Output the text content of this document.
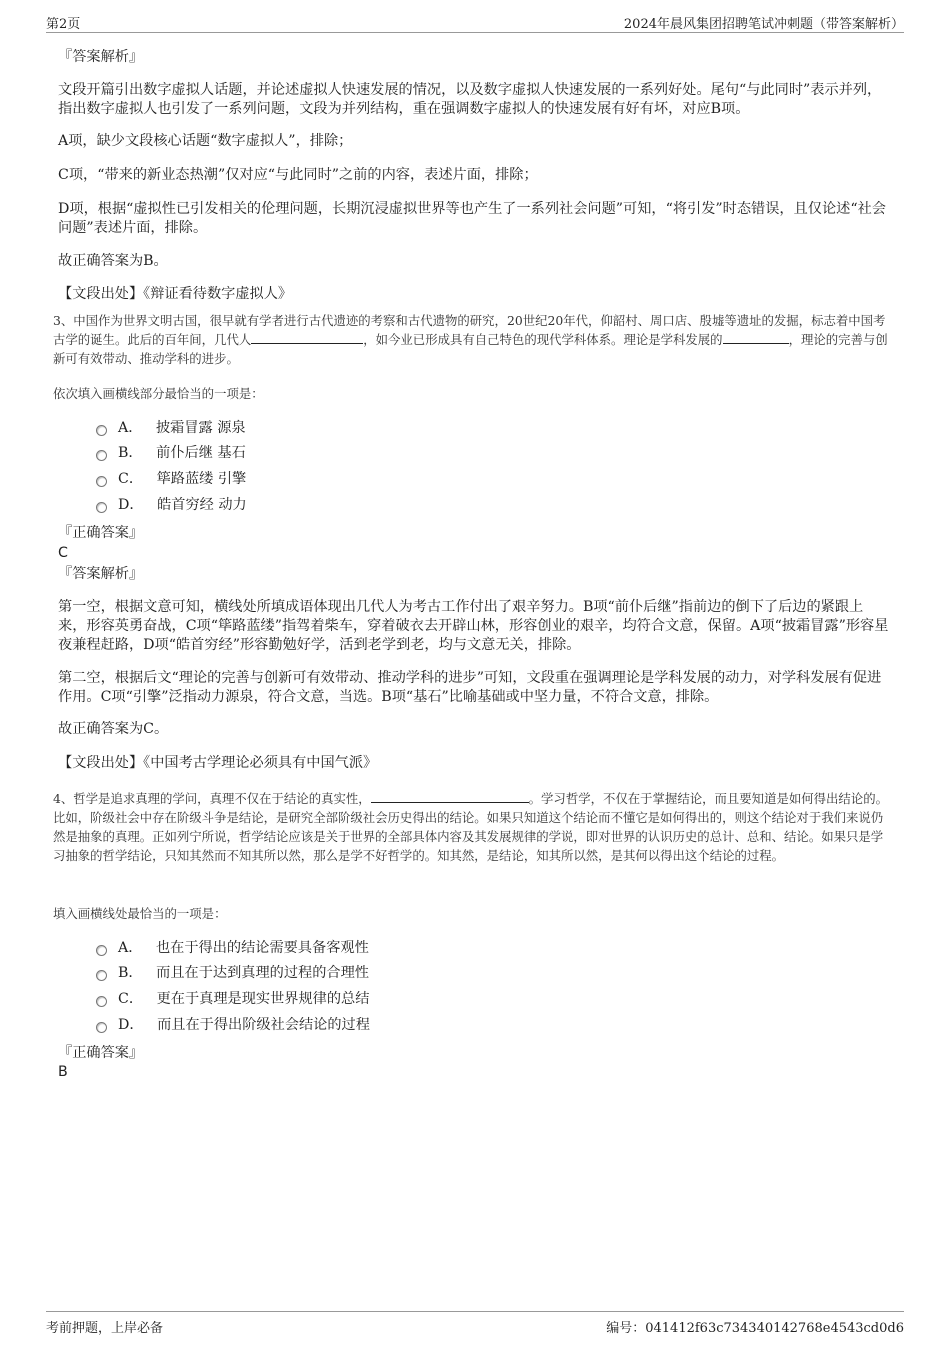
第2页	2024年晨风集团招聘笔试冲刺题（带答案解析）
『答案解析』
文段开篇引出数字虚拟人话题，并论述虚拟人快速发展的情况，以及数字虚拟人快速发展的一系列好处。尾句“与此同时”表示并列，指出数字虚拟人也引发了一系列问题，文段为并列结构，重在强调数字虚拟人的快速发展有好有坏，对应B项。
A项，缺少文段核心话题“数字虚拟人”，排除；
C项，“带来的新业态热潮”仅对应“与此同时”之前的内容，表述片面，排除；
D项，根据“虚拟性已引发相关的伦理问题，长期沉浸虚拟世界等也产生了一系列社会问题”可知，“将引发”时态错误，且仅论述“社会问题”表述片面，排除。
故正确答案为B。
【文段出处】《辩证看待数字虚拟人》
3、中国作为世界文明古国，很早就有学者进行古代遗迹的考察和古代遗物的研究，20世纪20年代，仰韶村、周口店、殷墟等遗址的发掘，标志着中国考古学的诞生。此后的百年间，几代人	，如今业已形成具有自己特色的现代学科体系。理论是学科发展的	，理论的完善与创新可有效带动、推动学科的进步。
依次填入画横线部分最恰当的一项是：
A． 披霜冒露 源泉
B． 前仆后继 基石
C． 筚路蓝缕 引擎
D． 皓首穷经 动力
『正确答案』
C
『答案解析』
第一空，根据文意可知，横线处所填成语体现出几代人为考古工作付出了艰辛努力。B项“前仆后继”指前边的倒下了后边的紧跟上来，形容英勇奋战，C项“筚路蓝缕”指驾着柴车，穿着破衣去开辟山林，形容创业的艰辛，均符合文意，保留。A项“披霜冒露”形容星夜兼程赶路，D项“皓首穷经”形容勤勉好学，活到老学到老，均与文意无关，排除。
第二空，根据后文“理论的完善与创新可有效带动、推动学科的进步”可知，文段重在强调理论是学科发展的动力，对学科发展有促进作用。C项“引擎”泛指动力源泉，符合文意，当选。B项“基石”比喻基础或中坚力量，不符合文意，排除。
故正确答案为C。
【文段出处】《中国考古学理论必须具有中国气派》
4、哲学是追求真理的学问，真理不仅在于结论的真实性，	。学习哲学，不仅在于掌握结论，而且要知道是如何得出结论的。比如，阶级社会中存在阶级斗争是结论，是研究全部阶级社会历史得出的结论。如果只知道这个结论而不懂它是如何得出的，则这个结论对于我们来说仍然是抽象的真理。正如列宁所说，哲学结论应该是关于世界的全部具体内容及其发展规律的学说，即对世界的认识历史的总计、总和、结论。如果只是学习抽象的哲学结论，只知其然而不知其所以然，那么是学不好哲学的。知其然，是结论，知其所以然，是其何以得出这个结论的过程。
填入画横线处最恰当的一项是：
A． 也在于得出的结论需要具备客观性
B． 而且在于达到真理的过程的合理性
C． 更在于真理是现实世界规律的总结
D． 而且在于得出阶级社会结论的过程
『正确答案』
B
考前押题，上岸必备	编号：041412f63c734340142768e4543cd0d6
